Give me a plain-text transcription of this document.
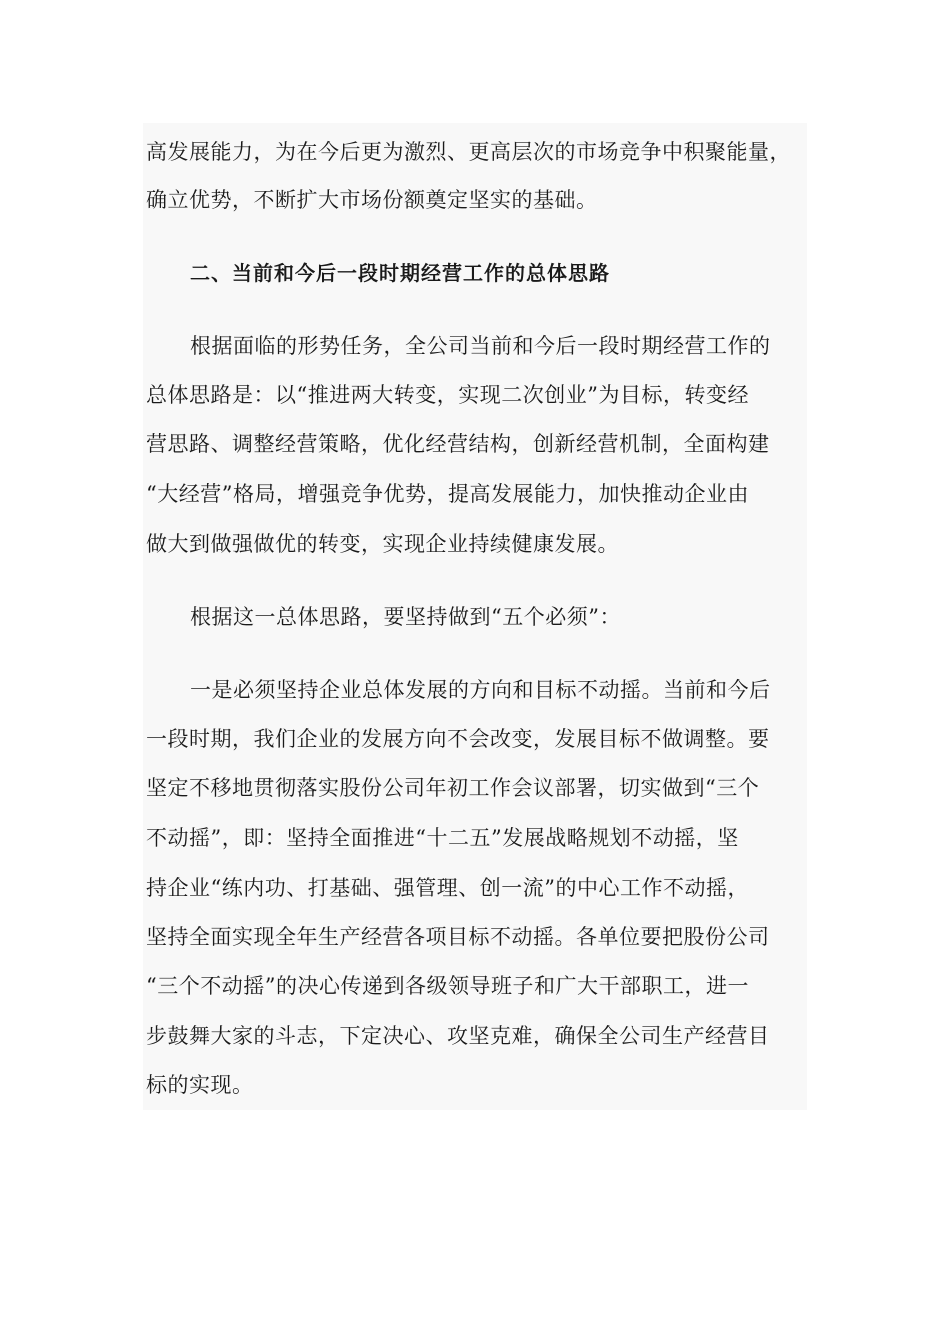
高发展能力，为在今后更为激烈、更高层次的市场竞争中积聚能量，
确立优势，不断扩大市场份额奠定坚实的基础。
二、当前和今后一段时期经营工作的总体思路
根据面临的形势任务，全公司当前和今后一段时期经营工作的
总体思路是：以“推进两大转变，实现二次创业”为目标，转变经
营思路、调整经营策略，优化经营结构，创新经营机制，全面构建
“大经营”格局，增强竞争优势，提高发展能力，加快推动企业由
做大到做强做优的转变，实现企业持续健康发展。
根据这一总体思路，要坚持做到“五个必须”：
一是必须坚持企业总体发展的方向和目标不动摇。当前和今后
一段时期，我们企业的发展方向不会改变，发展目标不做调整。要
坚定不移地贯彻落实股份公司年初工作会议部署，切实做到“三个
不动摇”，即：坚持全面推进“十二五”发展战略规划不动摇，坚
持企业“练内功、打基础、强管理、创一流”的中心工作不动摇，
坚持全面实现全年生产经营各项目标不动摇。各单位要把股份公司
“三个不动摇”的决心传递到各级领导班子和广大干部职工，进一
步鼓舞大家的斗志，下定决心、攻坚克难，确保全公司生产经营目
标的实现。
